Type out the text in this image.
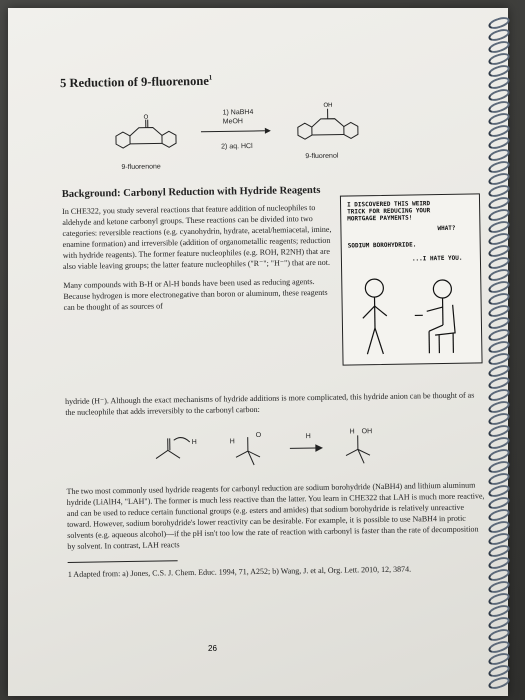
5 Reduction of 9-fluorenone$^1$
O
9-fluorenone
1) NaBH4
MeOH
2) aq. HCl
OH
9-fluorenol
Background: Carbonyl Reduction with Hydride Reagents

In CHE322, you study several reactions that feature addition of nucleophiles to aldehyde and ketone carbonyl groups. These reactions can be divided into two categories: reversible reactions (e.g. cyanohydrin, hydrate, acetal/hemiacetal, imine, enamine formation) and irreversible (addition of organometallic reagents; reduction with hydride reagents). The former feature nucleophiles (e.g. ROH, R2NH) that are also viable leaving groups; the latter feature nucleophiles ("R⁻"; "H⁻") that are not.

Many compounds with B-H or Al-H bonds have been used as reducing agents. Because hydrogen is more electronegative than boron or aluminum, these reagents can be thought of as sources of

I DISCOVERED THIS WEIRD
TRICK FOR REDUCING YOUR
MORTGAGE PAYMENTS!
WHAT?
SODIUM BOROHYDRIDE.
...I HATE YOU.

hydride (H⁻). Although the exact mechanisms of hydride additions is more complicated, this hydride anion can be thought of as the nucleophile that adds irreversibly to the carbonyl carbon:

H	H
O	H
H OH

The two most commonly used hydride reagents for carbonyl reduction are sodium borohydride (NaBH4) and lithium aluminum hydride (LiAlH4, "LAH"). The former is much less reactive than the latter. You learn in CHE322 that LAH is much more reactive, and can be used to reduce certain functional groups (e.g. esters and amides) that sodium borohydride is relatively unreactive toward. However, sodium borohydride's lower reactivity can be desirable. For example, it is possible to use NaBH4 in protic solvents (e.g. aqueous alcohol)—if the pH isn't too low the rate of reaction with carbonyl is faster than the rate of decomposition by solvent. In contrast, LAH reacts

1 Adapted from: a) Jones, C.S. J. Chem. Educ. 1994, 71, A252; b) Wang, J. et al, Org. Lett. 2010, 12, 3874.
26
